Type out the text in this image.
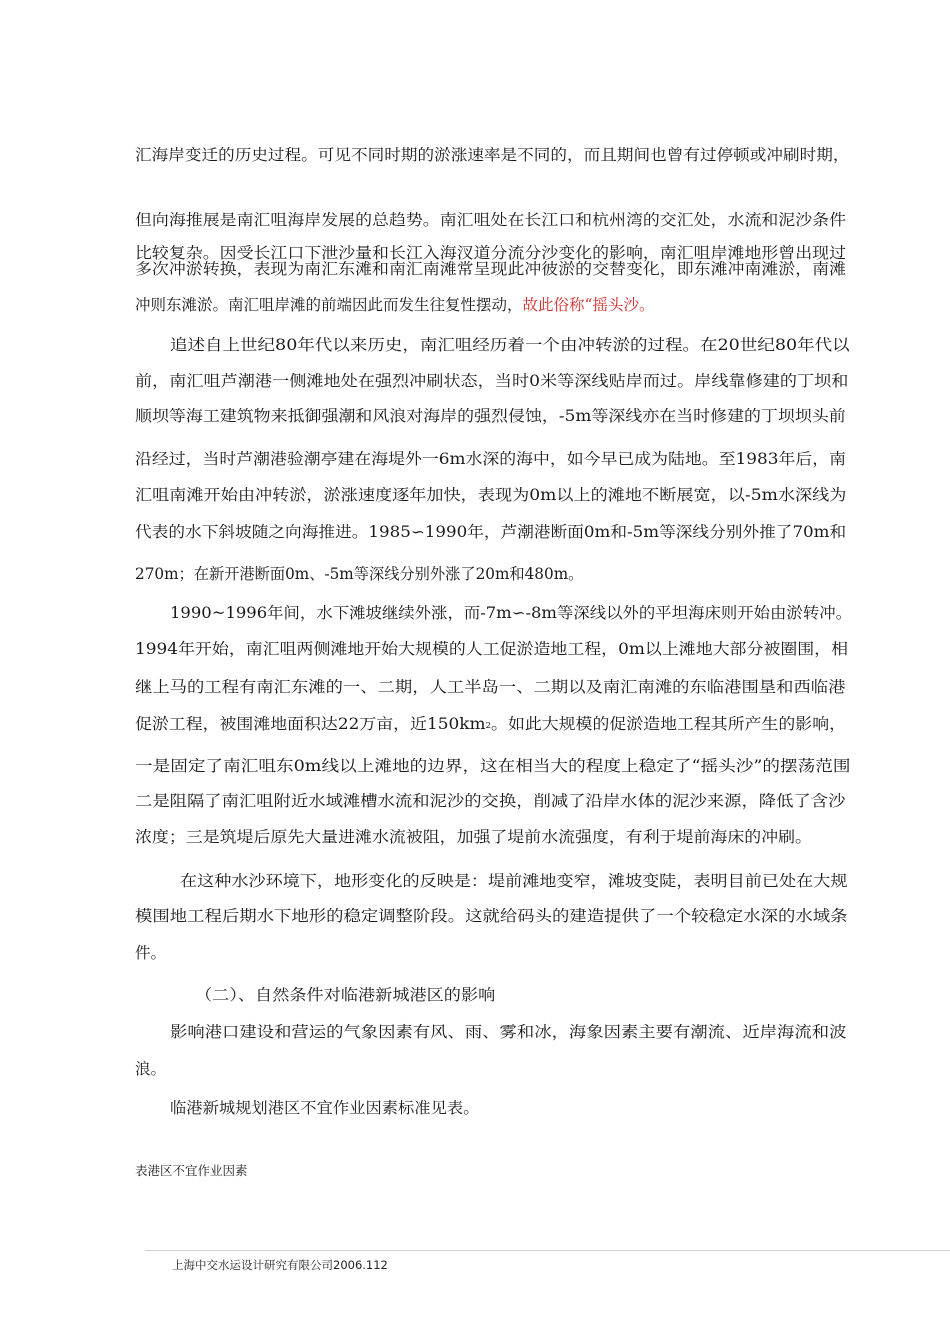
汇海岸变迁的历史过程。可见不同时期的淤涨速率是不同的，而且期间也曾有过停顿或冲刷时期，
但向海推展是南汇咀海岸发展的总趋势。南汇咀处在长江口和杭州湾的交汇处，水流和泥沙条件
比较复杂。因受长江口下泄沙量和长江入海汊道分流分沙变化的影响，南汇咀岸滩地形曾出现过
多次冲淤转换，表现为南汇东滩和南汇南滩常呈现此冲彼淤的交替变化，即东滩冲南滩淤，南滩
冲则东滩淤。南汇咀岸滩的前端因此而发生往复性摆动，故此俗称“摇头沙。
追述自上世纪80年代以来历史，南汇咀经历着一个由冲转淤的过程。在20世纪80年代以
前，南汇咀芦潮港一侧滩地处在强烈冲刷状态，当时0米等深线贴岸而过。岸线靠修建的丁坝和
顺坝等海工建筑物来抵御强潮和风浪对海岸的强烈侵蚀，-5m等深线亦在当时修建的丁坝坝头前
沿经过，当时芦潮港验潮亭建在海堤外一6m水深的海中，如今早已成为陆地。至1983年后，南
汇咀南滩开始由冲转淤，淤涨速度逐年加快，表现为0m以上的滩地不断展宽，以-5m水深线为
代表的水下斜坡随之向海推进。1985∽1990年，芦潮港断面0m和-5m等深线分别外推了70m和
270m；在新开港断面0m、-5m等深线分别外涨了20m和480m。
1990~1996年间，水下滩坡继续外涨，而-7m∽-8m等深线以外的平坦海床则开始由淤转冲。
1994年开始，南汇咀两侧滩地开始大规模的人工促淤造地工程，0m以上滩地大部分被圈围，相
继上马的工程有南汇东滩的一、二期，人工半岛一、二期以及南汇南滩的东临港围垦和西临港
促淤工程，被围滩地面积达22万亩，近150km2。如此大规模的促淤造地工程其所产生的影响，
一是固定了南汇咀东0m线以上滩地的边界，这在相当大的程度上稳定了“摇头沙”的摆荡范围
二是阻隔了南汇咀附近水域滩槽水流和泥沙的交换，削减了沿岸水体的泥沙来源，降低了含沙
浓度；三是筑堤后原先大量进滩水流被阻，加强了堤前水流强度，有利于堤前海床的冲刷。
在这种水沙环境下，地形变化的反映是：堤前滩地变窄，滩坡变陡，表明目前已处在大规
模围地工程后期水下地形的稳定调整阶段。这就给码头的建造提供了一个较稳定水深的水域条
件。
（二）、自然条件对临港新城港区的影响
影响港口建设和营运的气象因素有风、雨、雾和冰，海象因素主要有潮流、近岸海流和波
浪。
临港新城规划港区不宜作业因素标准见表。
表港区不宜作业因素
上海中交水运设计研究有限公司2006.112
